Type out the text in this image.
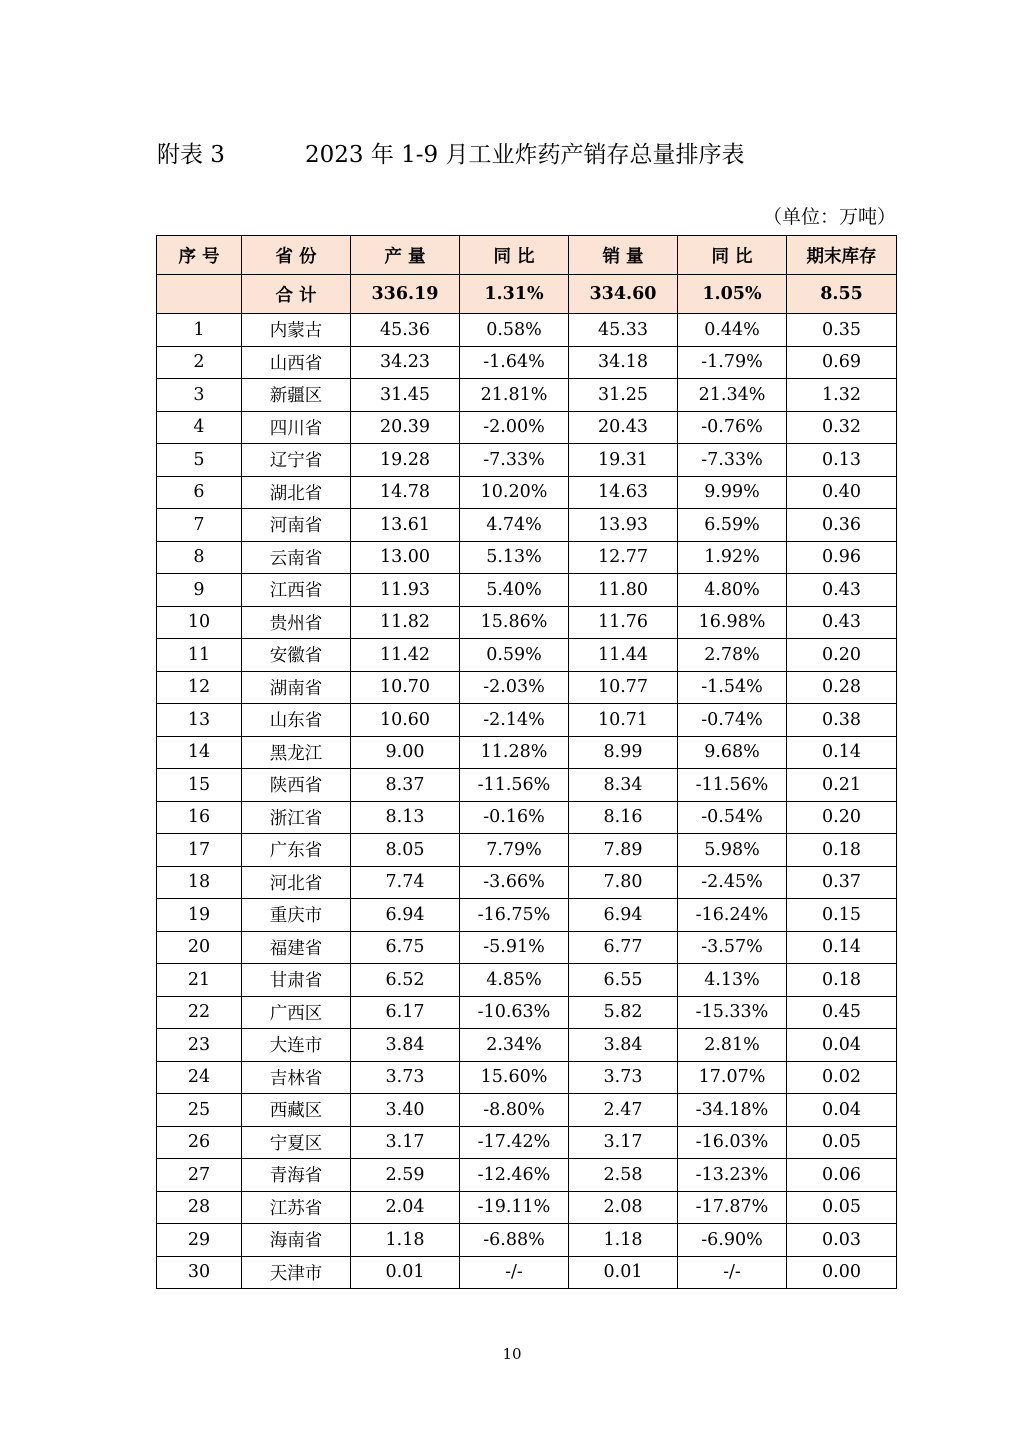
附表 3	2023 年 1-9 月工业炸药产销存总量排序表
（单位：万吨）
序 号	省 份	产 量	同 比	销 量	同 比	期末库存
	合 计	336.19	1.31%	334.60	1.05%	8.55
1	内蒙古	45.36	0.58%	45.33	0.44%	0.35
2	山西省	34.23	-1.64%	34.18	-1.79%	0.69
3	新疆区	31.45	21.81%	31.25	21.34%	1.32
4	四川省	20.39	-2.00%	20.43	-0.76%	0.32
5	辽宁省	19.28	-7.33%	19.31	-7.33%	0.13
6	湖北省	14.78	10.20%	14.63	9.99%	0.40
7	河南省	13.61	4.74%	13.93	6.59%	0.36
8	云南省	13.00	5.13%	12.77	1.92%	0.96
9	江西省	11.93	5.40%	11.80	4.80%	0.43
10	贵州省	11.82	15.86%	11.76	16.98%	0.43
11	安徽省	11.42	0.59%	11.44	2.78%	0.20
12	湖南省	10.70	-2.03%	10.77	-1.54%	0.28
13	山东省	10.60	-2.14%	10.71	-0.74%	0.38
14	黑龙江	9.00	11.28%	8.99	9.68%	0.14
15	陕西省	8.37	-11.56%	8.34	-11.56%	0.21
16	浙江省	8.13	-0.16%	8.16	-0.54%	0.20
17	广东省	8.05	7.79%	7.89	5.98%	0.18
18	河北省	7.74	-3.66%	7.80	-2.45%	0.37
19	重庆市	6.94	-16.75%	6.94	-16.24%	0.15
20	福建省	6.75	-5.91%	6.77	-3.57%	0.14
21	甘肃省	6.52	4.85%	6.55	4.13%	0.18
22	广西区	6.17	-10.63%	5.82	-15.33%	0.45
23	大连市	3.84	2.34%	3.84	2.81%	0.04
24	吉林省	3.73	15.60%	3.73	17.07%	0.02
25	西藏区	3.40	-8.80%	2.47	-34.18%	0.04
26	宁夏区	3.17	-17.42%	3.17	-16.03%	0.05
27	青海省	2.59	-12.46%	2.58	-13.23%	0.06
28	江苏省	2.04	-19.11%	2.08	-17.87%	0.05
29	海南省	1.18	-6.88%	1.18	-6.90%	0.03
30	天津市	0.01	-/-	0.01	-/-	0.00
10
